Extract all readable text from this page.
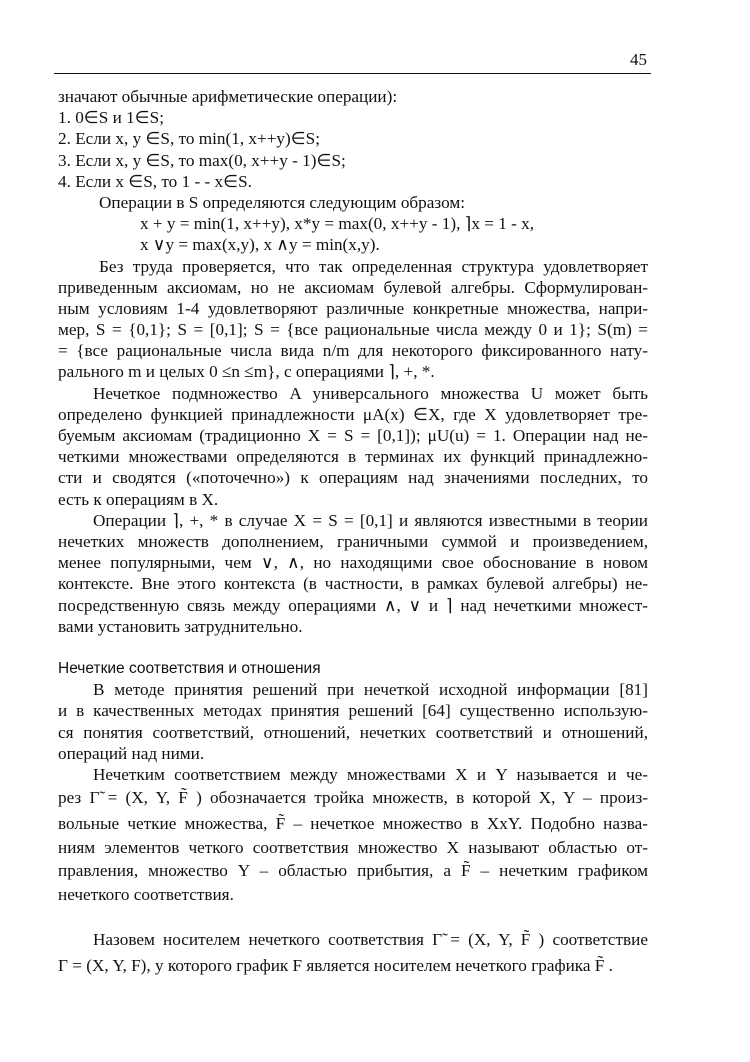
45
значают обычные арифметические операции):
1. 0∈S и 1∈S;
2. Если x, y ∈S, то min(1, x++y)∈S;
3. Если x, y ∈S, то max(0, x++y - 1)∈S;
4. Если x ∈S, то 1 - - x∈S.
Операции в S определяются следующим образом:
x + y = min(1, x++y), x*y = max(0, x++y - 1), ⌉x = 1 - x,
x ∨y = max(x,y), x ∧y = min(x,y).
Без труда проверяется, что так определенная структура удовлетворяет
приведенным аксиомам, но не аксиомам булевой алгебры. Сформулирован-
ным условиям 1-4 удовлетворяют различные конкретные множества, напри-
мер, S = {0,1}; S = [0,1]; S = {все рациональные числа между 0 и 1}; S(m) =
= {все рациональные числа вида n/m для некоторого фиксированного нату-
рального m и целых 0 ≤n ≤m}, с операциями ⌉, +, *.
Нечеткое подмножество A универсального множества U может быть
определено функцией принадлежности μA(x) ∈X, где X удовлетворяет тре-
буемым аксиомам (традиционно X = S = [0,1]); μU(u) = 1. Операции над не-
четкими множествами определяются в терминах их функций принадлежно-
сти и сводятся («поточечно») к операциям над значениями последних, то
есть к операциям в X.
Операции ⌉, +, * в случае X = S = [0,1] и являются известными в теории
нечетких множеств дополнением, граничными суммой и произведением,
менее популярными, чем ∨, ∧, но находящими свое обоснование в новом
контексте. Вне этого контекста (в частности, в рамках булевой алгебры) не-
посредственную связь между операциями ∧, ∨ и ⌉ над нечеткими множест-
вами установить затруднительно.
Нечеткие соответствия и отношения
В методе принятия решений при нечеткой исходной информации [81]
и в качественных методах принятия решений [64] существенно использую-
ся понятия соответствий, отношений, нечетких соответствий и отношений,
операций над ними.
Нечетким соответствием между множествами X и Y называется и че-
рез Γ̃ = (X, Y, F̃ ) обозначается тройка множеств, в которой X, Y – произ-
вольные четкие множества, F̃ – нечеткое множество в XxY. Подобно назва-
ниям элементов четкого соответствия множество X называют областью от-
правления, множество Y – областью прибытия, а F̃ – нечетким графиком
нечеткого соответствия.
Назовем носителем нечеткого соответствия Γ̃ = (X, Y, F̃ ) соответствие
Γ = (X, Y, F), у которого график F является носителем нечеткого графика F̃ .
